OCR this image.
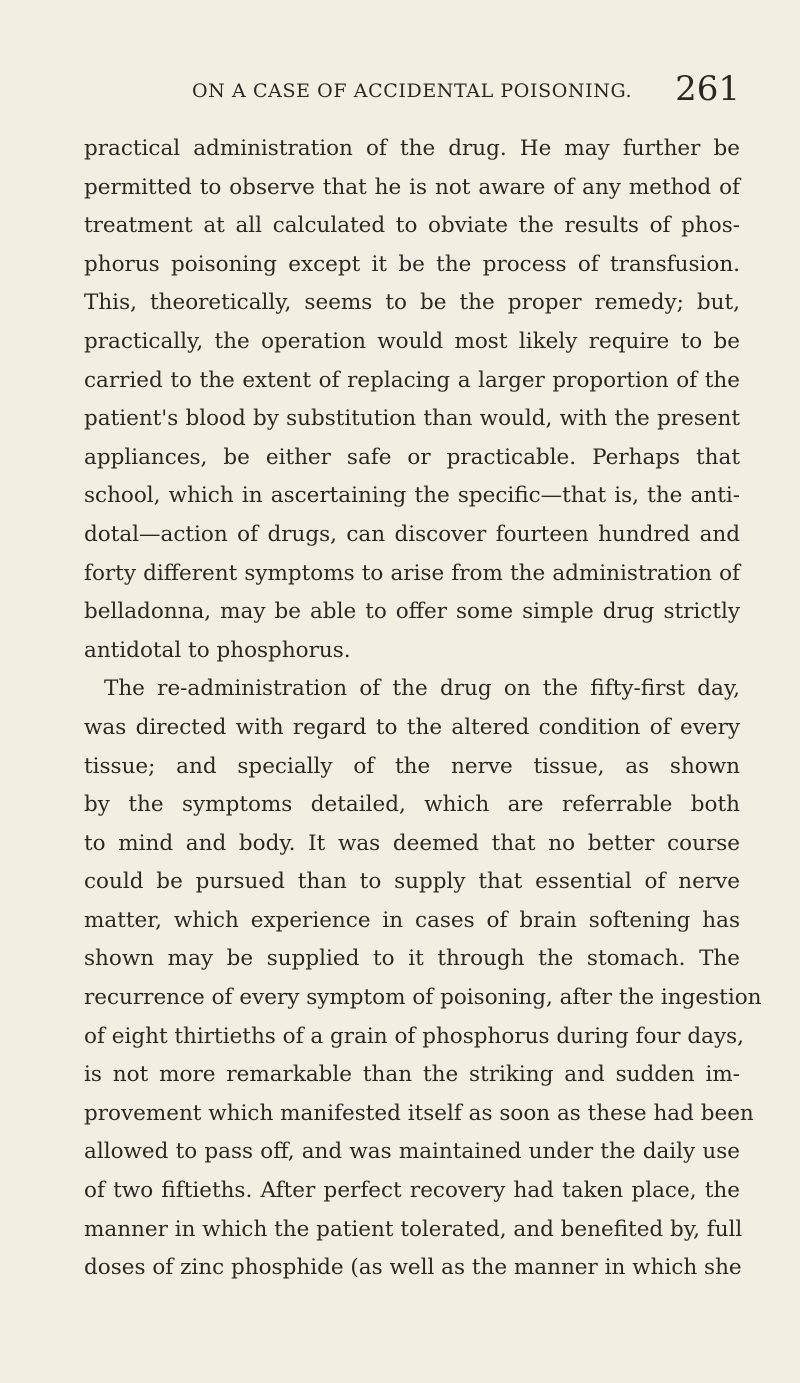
ON A CASE OF ACCIDENTAL POISONING. 261
practical administration of the drug. He may further be
permitted to observe that he is not aware of any method of
treatment at all calculated to obviate the results of phos-
phorus poisoning except it be the process of transfusion.
This, theoretically, seems to be the proper remedy; but,
practically, the operation would most likely require to be
carried to the extent of replacing a larger proportion of the
patient's blood by substitution than would, with the present
appliances, be either safe or practicable. Perhaps that
school, which in ascertaining the specific—that is, the anti-
dotal—action of drugs, can discover fourteen hundred and
forty different symptoms to arise from the administration of
belladonna, may be able to offer some simple drug strictly
antidotal to phosphorus.
The re-administration of the drug on the fifty-first day,
was directed with regard to the altered condition of every
tissue; and specially of the nerve tissue, as shown
by the symptoms detailed, which are referrable both
to mind and body. It was deemed that no better course
could be pursued than to supply that essential of nerve
matter, which experience in cases of brain softening has
shown may be supplied to it through the stomach. The
recurrence of every symptom of poisoning, after the ingestion
of eight thirtieths of a grain of phosphorus during four days,
is not more remarkable than the striking and sudden im-
provement which manifested itself as soon as these had been
allowed to pass off, and was maintained under the daily use
of two fiftieths. After perfect recovery had taken place, the
manner in which the patient tolerated, and benefited by, full
doses of zinc phosphide (as well as the manner in which she
